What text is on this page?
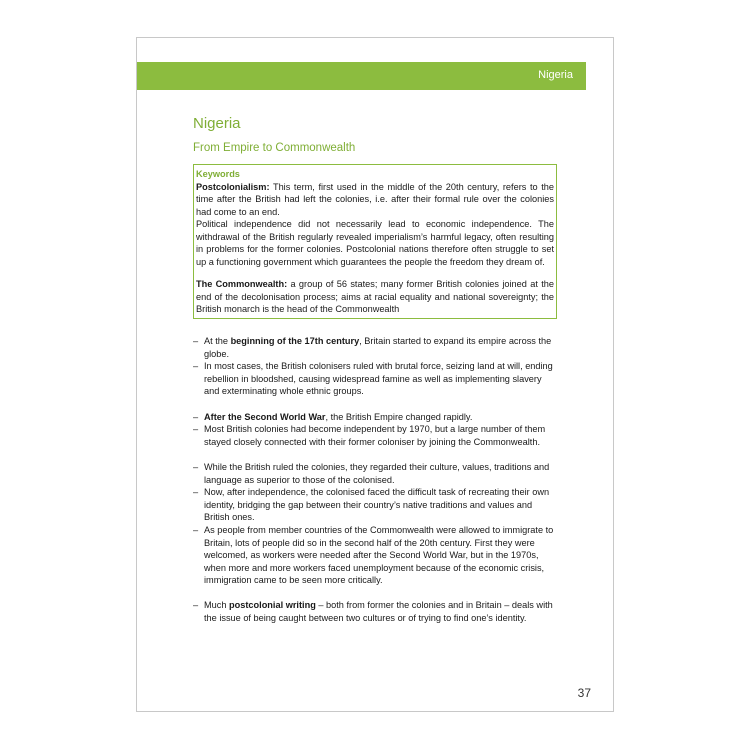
Nigeria
Nigeria
From Empire to Commonwealth
Keywords
Postcolonialism: This term, first used in the middle of the 20th century, refers to the time after the British had left the colonies, i.e. after their formal rule over the colonies had come to an end.
Political independence did not necessarily lead to economic independence. The withdrawal of the British regularly revealed imperialism’s harmful legacy, often resulting in problems for the former colonies. Postcolonial nations therefore often struggle to set up a functioning government which guarantees the people the freedom they dream of.
The Commonwealth: a group of 56 states; many former British colonies joined at the end of the decolonisation process; aims at racial equality and national sovereignty; the British monarch is the head of the Commonwealth
– At the beginning of the 17th century, Britain started to expand its empire across the globe.
– In most cases, the British colonisers ruled with brutal force, seizing land at will, ending rebellion in bloodshed, causing widespread famine as well as implementing slavery and exterminating whole ethnic groups.
– After the Second World War, the British Empire changed rapidly.
– Most British colonies had become independent by 1970, but a large number of them stayed closely connected with their former coloniser by joining the Commonwealth.
– While the British ruled the colonies, they regarded their culture, values, traditions and language as superior to those of the colonised.
– Now, after independence, the colonised faced the difficult task of recreating their own identity, bridging the gap between their country’s native traditions and values and British ones.
– As people from member countries of the Commonwealth were allowed to immigrate to Britain, lots of people did so in the second half of the 20th century. First they were welcomed, as workers were needed after the Second World War, but in the 1970s, when more and more workers faced unemployment because of the economic crisis, immigration came to be seen more critically.
– Much postcolonial writing – both from former the colonies and in Britain – deals with the issue of being caught between two cultures or of trying to find one’s identity.
37
